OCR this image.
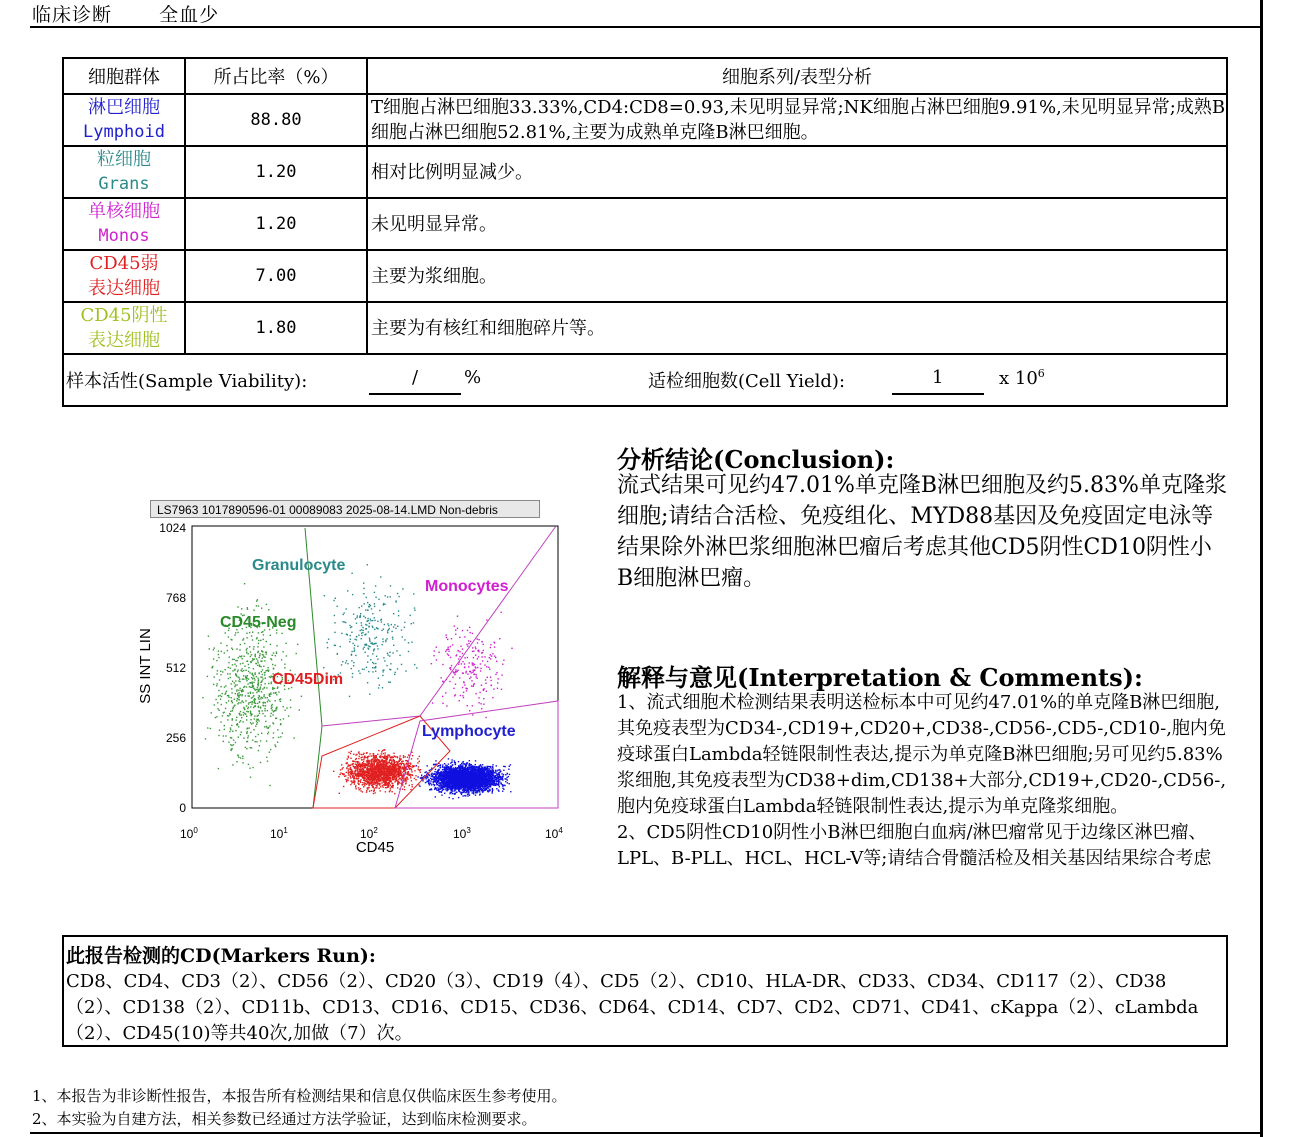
临床诊断 全血少
细胞群体	所占比率（%）	细胞系列/表型分析

淋巴细胞
Lymphoid	88.80	T细胞占淋巴细胞33.33%,CD4:CD8=0.93,未见明显异常;NK细胞占淋巴细胞9.91%,未见明显异常;成熟B细胞占淋巴细胞52.81%,主要为成熟单克隆B淋巴细胞。

粒细胞
Grans	1.20	相对比例明显减少。

单核细胞
Monos	1.20	未见明显异常。

CD45弱
表达细胞	7.00	主要为浆细胞。

CD45阴性
表达细胞	1.80	主要为有核红和细胞碎片等。
样本活性(Sample Viability):	/	%	适检细胞数(Cell Yield):	1	x $10^6$
LS7963 1017890596-01 00089083 2025-08-14.LMD Non-debris
Granulocyte
Monocytes
CD45-Neg
CD45Dim
Lymphocyte
0
256
512
768
1024
$10^0$	$10^1$	$10^2$	$10^3$	$10^4$
CD45
SS INT LIN
分析结论(Conclusion):
流式结果可见约47.01%单克隆B淋巴细胞及约5.83%单克隆浆细胞;请结合活检、免疫组化、MYD88基因及免疫固定电泳等结果除外淋巴浆细胞淋巴瘤后考虑其他CD5阴性CD10阴性小B细胞淋巴瘤。
解释与意见(Interpretation & Comments):

1、流式细胞术检测结果表明送检标本中可见约47.01%的单克隆B淋巴细胞,其免疫表型为CD34-,CD19+,CD20+,CD38-,CD56-,CD5-,CD10-,胞内免疫球蛋白Lambda轻链限制性表达,提示为单克隆B淋巴细胞;另可见约5.83%浆细胞,其免疫表型为CD38+dim,CD138+大部分,CD19+,CD20-,CD56-,胞内免疫球蛋白Lambda轻链限制性表达,提示为单克隆浆细胞。

2、CD5阴性CD10阴性小B淋巴细胞白血病/淋巴瘤常见于边缘区淋巴瘤、LPL、B-PLL、HCL、HCL-V等;请结合骨髓活检及相关基因结果综合考虑

此报告检测的CD(Markers Run):
CD8、CD4、CD3（2）、CD56（2）、CD20（3）、CD19（4）、CD5（2）、CD10、HLA-DR、CD33、CD34、CD117（2）、CD38（2）、CD138（2）、CD11b、CD13、CD16、CD15、CD36、CD64、CD14、CD7、CD2、CD71、CD41、cKappa（2）、cLambda（2）、CD45(10)等共40次,加做（7）次。
1、本报告为非诊断性报告，本报告所有检测结果和信息仅供临床医生参考使用。
2、本实验为自建方法，相关参数已经通过方法学验证，达到临床检测要求。
